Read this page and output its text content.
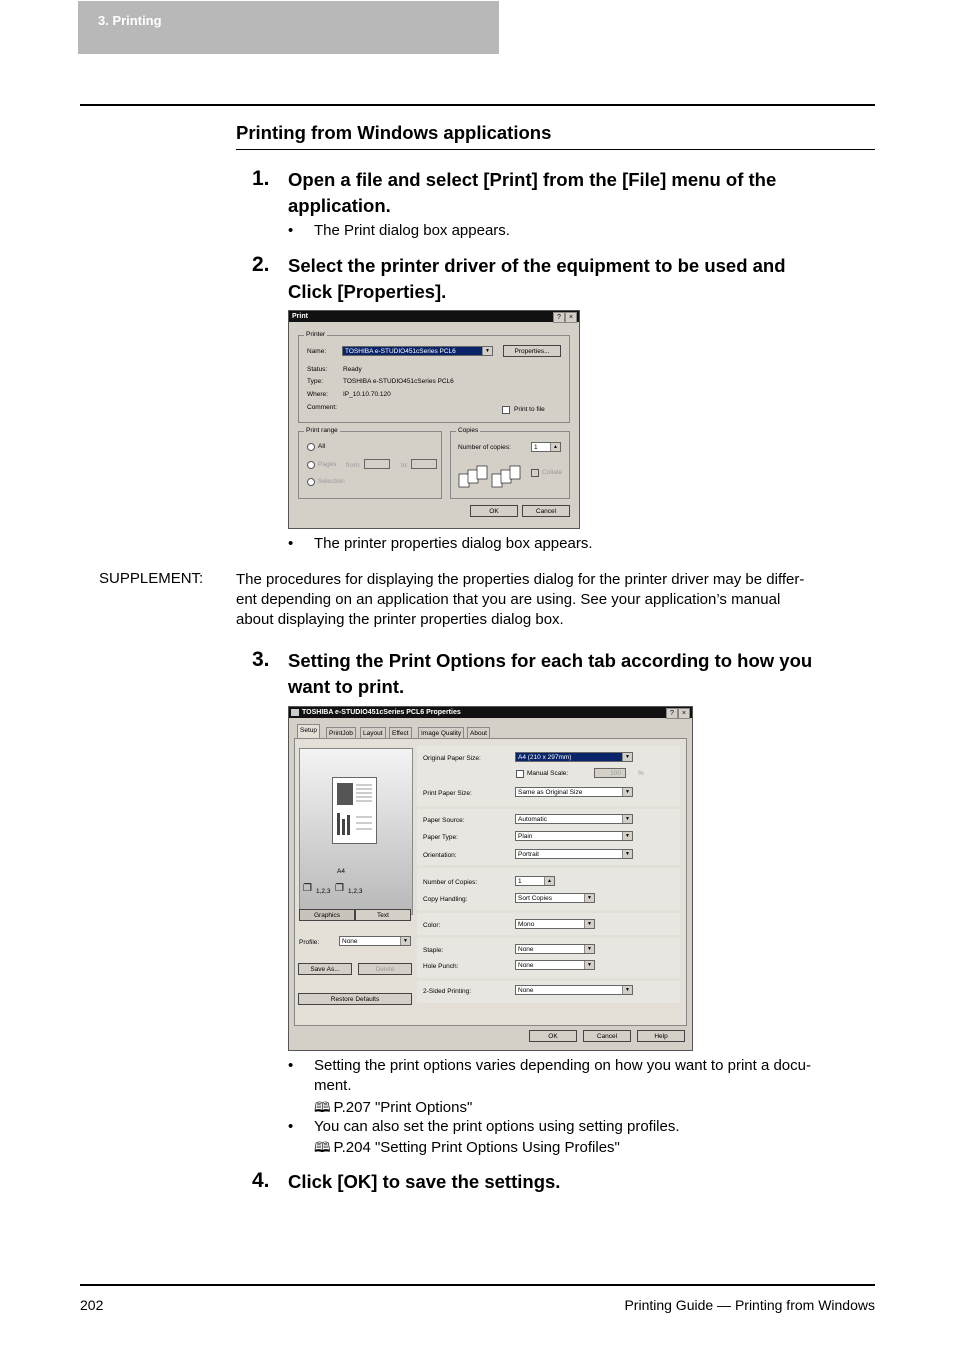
3. Printing
Printing from Windows applications
1. Open a file and select [Print] from the [File] menu of the
application.
• The Print dialog box appears.
2. Select the printer driver of the equipment to be used and
Click [Properties].
Print	?	×
Printer
Name:	TOSHIBA e-STUDIO451cSeries PCL6	▼	Properties...
Status: Ready
Type:	TOSHIBA e-STUDIO451cSeries PCL6
Where: IP_10.10.70.120
Comment:	Print to file
Print range
All
Pages from:	to:
Selection
Copies
Number of copies:	1	▲
Collate
OK	Cancel
• The printer properties dialog box appears.
SUPPLEMENT: The procedures for displaying the properties dialog for the printer driver may be differ-
ent depending on an application that you are using. See your application’s manual
about displaying the printer properties dialog box.
3. Setting the Print Options for each tab according to how you
want to print.
TOSHIBA e-STUDIO451cSeries PCL6 Properties	?	×
Setup	PrintJob	Layout	Effect	Image Quality	About
A4
❐ 1,2,3 ❐ 1,2,3
Graphics	Text
Profile:	None	▼
Save As...	Delete
Restore Defaults
Original Paper Size:	A4 (210 x 297mm)	▼
Manual Scale:	100	%
Print Paper Size:	Same as Original Size	▼
Paper Source:	Automatic	▼
Paper Type:	Plain	▼
Orientation:	Portrait	▼
Number of Copies:	1	▲
Copy Handling:	Sort Copies	▼
Color:	Mono	▼
Staple:	None	▼
Hole Punch:	None	▼
2-Sided Printing:	None	▼
OK	Cancel	Help
• Setting the print options varies depending on how you want to print a docu-
ment.
🕮 P.207 "Print Options"
• You can also set the print options using setting profiles.
🕮 P.204 "Setting Print Options Using Profiles"
4. Click [OK] to save the settings.
202	Printing Guide — Printing from Windows
